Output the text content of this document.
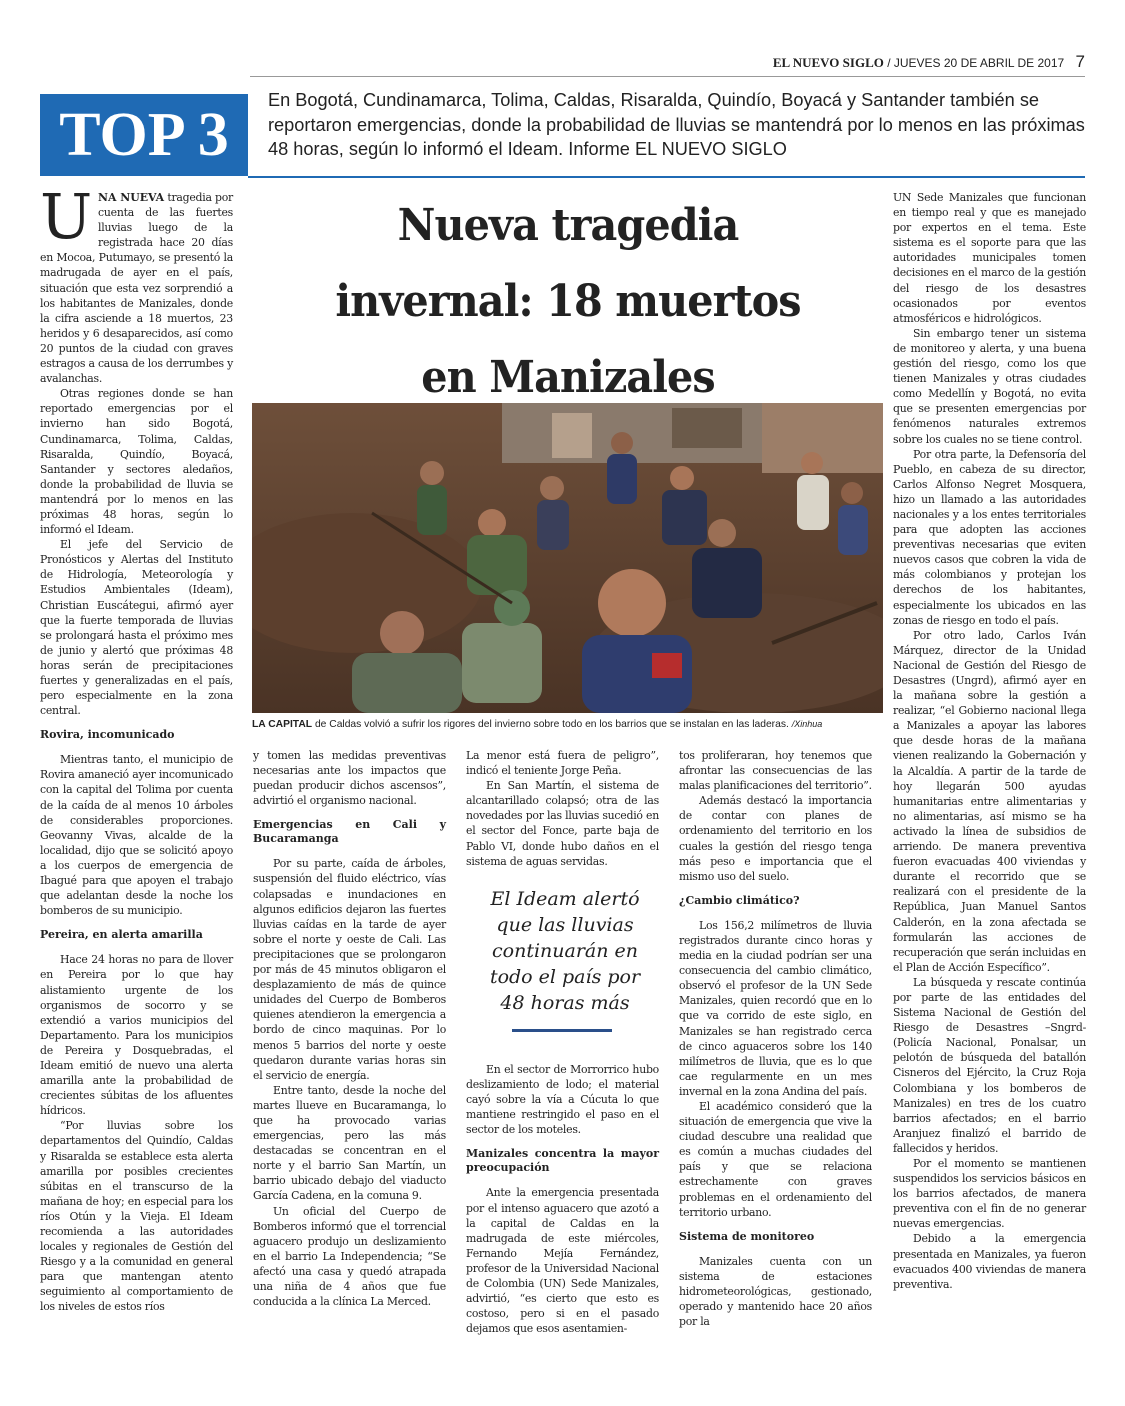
EL NUEVO SIGLO / JUEVES 20 DE ABRIL DE 2017 7
TOP 3
En Bogotá, Cundinamarca, Tolima, Caldas, Risaralda, Quindío, Boyacá y Santander también se reportaron emergencias, donde la probabilidad de lluvias se mantendrá por lo menos en las próximas 48 horas, según lo informó el Ideam. Informe EL NUEVO SIGLO
Nueva tragedia
invernal: 18 muertos
en Manizales
LA CAPITAL de Caldas volvió a sufrir los rigores del invierno sobre todo en los barrios que se instalan en las laderas. /Xinhua

UNA NUEVA tragedia por cuenta de las fuertes lluvias luego de la registrada hace 20 días en Mocoa, Putumayo, se presentó la madrugada de ayer en el país, situación que esta vez sorprendió a los habitantes de Manizales, donde la cifra asciende a 18 muertos, 23 heridos y 6 desaparecidos, así como 20 puntos de la ciudad con graves estragos a causa de los derrumbes y avalanchas.

Otras regiones donde se han reportado emergencias por el invierno han sido Bogotá, Cundinamarca, Tolima, Caldas, Risaralda, Quindío, Boyacá, Santander y sectores aledaños, donde la probabilidad de lluvia se mantendrá por lo menos en las próximas 48 horas, según lo informó el Ideam.

El jefe del Servicio de Pronósticos y Alertas del Instituto de Hidrología, Meteorología y Estudios Ambientales (Ideam), Christian Euscátegui, afirmó ayer que la fuerte temporada de lluvias se prolongará hasta el próximo mes de junio y alertó que próximas 48 horas serán de precipitaciones fuertes y generalizadas en el país, pero especialmente en la zona central.

Rovira, incomunicado

Mientras tanto, el municipio de Rovira amaneció ayer incomunicado con la capital del Tolima por cuenta de la caída de al menos 10 árboles de considerables proporciones. Geovanny Vivas, alcalde de la localidad, dijo que se solicitó apoyo a los cuerpos de emergencia de Ibagué para que apoyen el trabajo que adelantan desde la noche los bomberos de su municipio.

Pereira, en alerta amarilla

Hace 24 horas no para de llover en Pereira por lo que hay alistamiento urgente de los organismos de socorro y se extendió a varios municipios del Departamento. Para los municipios de Pereira y Dosquebradas, el Ideam emitió de nuevo una alerta amarilla ante la probabilidad de crecientes súbitas de los afluentes hídricos.

“Por lluvias sobre los departamentos del Quindío, Caldas y Risaralda se establece esta alerta amarilla por posibles crecientes súbitas en el transcurso de la mañana de hoy; en especial para los ríos Otún y la Vieja. El Ideam recomienda a las autoridades locales y regionales de Gestión del Riesgo y a la comunidad en general para que mantengan atento seguimiento al comportamiento de los niveles de estos ríos

y tomen las medidas preventivas necesarias ante los impactos que puedan producir dichos ascensos”, advirtió el organismo nacional.

Emergencias en Cali y Bucaramanga

Por su parte, caída de árboles, suspensión del fluido eléctrico, vías colapsadas e inundaciones en algunos edificios dejaron las fuertes lluvias caídas en la tarde de ayer sobre el norte y oeste de Cali. Las precipitaciones que se prolongaron por más de 45 minutos obligaron el desplazamiento de más de quince unidades del Cuerpo de Bomberos quienes atendieron la emergencia a bordo de cinco maquinas. Por lo menos 5 barrios del norte y oeste quedaron durante varias horas sin el servicio de energía.

Entre tanto, desde la noche del martes llueve en Bucaramanga, lo que ha provocado varias emergencias, pero las más destacadas se concentran en el norte y el barrio San Martín, un barrio ubicado debajo del viaducto García Cadena, en la comuna 9.

Un oficial del Cuerpo de Bomberos informó que el torrencial aguacero produjo un deslizamiento en el barrio La Independencia; “Se afectó una casa y quedó atrapada una niña de 4 años que fue conducida a la clínica La Merced.

La menor está fuera de peligro”, indicó el teniente Jorge Peña.

En San Martín, el sistema de alcantarillado colapsó; otra de las novedades por las lluvias sucedió en el sector del Fonce, parte baja de Pablo VI, donde hubo daños en el sistema de aguas servidas.

El Ideam alertó que las lluvias continuarán en todo el país por 48 horas más

En el sector de Morrorrico hubo deslizamiento de lodo; el material cayó sobre la vía a Cúcuta lo que mantiene restringido el paso en el sector de los moteles.

Manizales concentra la mayor preocupación

Ante la emergencia presentada por el intenso aguacero que azotó a la capital de Caldas en la madrugada de este miércoles, Fernando Mejía Fernández, profesor de la Universidad Nacional de Colombia (UN) Sede Manizales, advirtió, “es cierto que esto es costoso, pero si en el pasado dejamos que esos asentamien-

tos proliferaran, hoy tenemos que afrontar las consecuencias de las malas planificaciones del territorio”.

Además destacó la importancia de contar con planes de ordenamiento del territorio en los cuales la gestión del riesgo tenga más peso e importancia que el mismo uso del suelo.

¿Cambio climático?

Los 156,2 milímetros de lluvia registrados durante cinco horas y media en la ciudad podrían ser una consecuencia del cambio climático, observó el profesor de la UN Sede Manizales, quien recordó que en lo que va corrido de este siglo, en Manizales se han registrado cerca de cinco aguaceros sobre los 140 milímetros de lluvia, que es lo que cae regularmente en un mes invernal en la zona Andina del país.

El académico consideró que la situación de emergencia que vive la ciudad descubre una realidad que es común a muchas ciudades del país y que se relaciona estrechamente con graves problemas en el ordenamiento del territorio urbano.

Sistema de monitoreo

Manizales cuenta con un sistema de estaciones hidrometeorológicas, gestionado, operado y mantenido hace 20 años por la

UN Sede Manizales que funcionan en tiempo real y que es manejado por expertos en el tema. Este sistema es el soporte para que las autoridades municipales tomen decisiones en el marco de la gestión del riesgo de los desastres ocasionados por eventos atmosféricos e hidrológicos.

Sin embargo tener un sistema de monitoreo y alerta, y una buena gestión del riesgo, como los que tienen Manizales y otras ciudades como Medellín y Bogotá, no evita que se presenten emergencias por fenómenos naturales extremos sobre los cuales no se tiene control.

Por otra parte, la Defensoría del Pueblo, en cabeza de su director, Carlos Alfonso Negret Mosquera, hizo un llamado a las autoridades nacionales y a los entes territoriales para que adopten las acciones preventivas necesarias que eviten nuevos casos que cobren la vida de más colombianos y protejan los derechos de los habitantes, especialmente los ubicados en las zonas de riesgo en todo el país.

Por otro lado, Carlos Iván Márquez, director de la Unidad Nacional de Gestión del Riesgo de Desastres (Ungrd), afirmó ayer en la mañana sobre la gestión a realizar, “el Gobierno nacional llega a Manizales a apoyar las labores que desde horas de la mañana vienen realizando la Gobernación y la Alcaldía. A partir de la tarde de hoy llegarán 500 ayudas humanitarias entre alimentarias y no alimentarias, así mismo se ha activado la línea de subsidios de arriendo. De manera preventiva fueron evacuadas 400 viviendas y durante el recorrido que se realizará con el presidente de la República, Juan Manuel Santos Calderón, en la zona afectada se formularán las acciones de recuperación que serán incluidas en el Plan de Acción Específico”.

La búsqueda y rescate continúa por parte de las entidades del Sistema Nacional de Gestión del Riesgo de Desastres –Sngrd- (Policía Nacional, Ponalsar, un pelotón de búsqueda del batallón Cisneros del Ejército, la Cruz Roja Colombiana y los bomberos de Manizales) en tres de los cuatro barrios afectados; en el barrio Aranjuez finalizó el barrido de fallecidos y heridos.

Por el momento se mantienen suspendidos los servicios básicos en los barrios afectados, de manera preventiva con el fin de no generar nuevas emergencias.

Debido a la emergencia presentada en Manizales, ya fueron evacuados 400 viviendas de manera preventiva.
